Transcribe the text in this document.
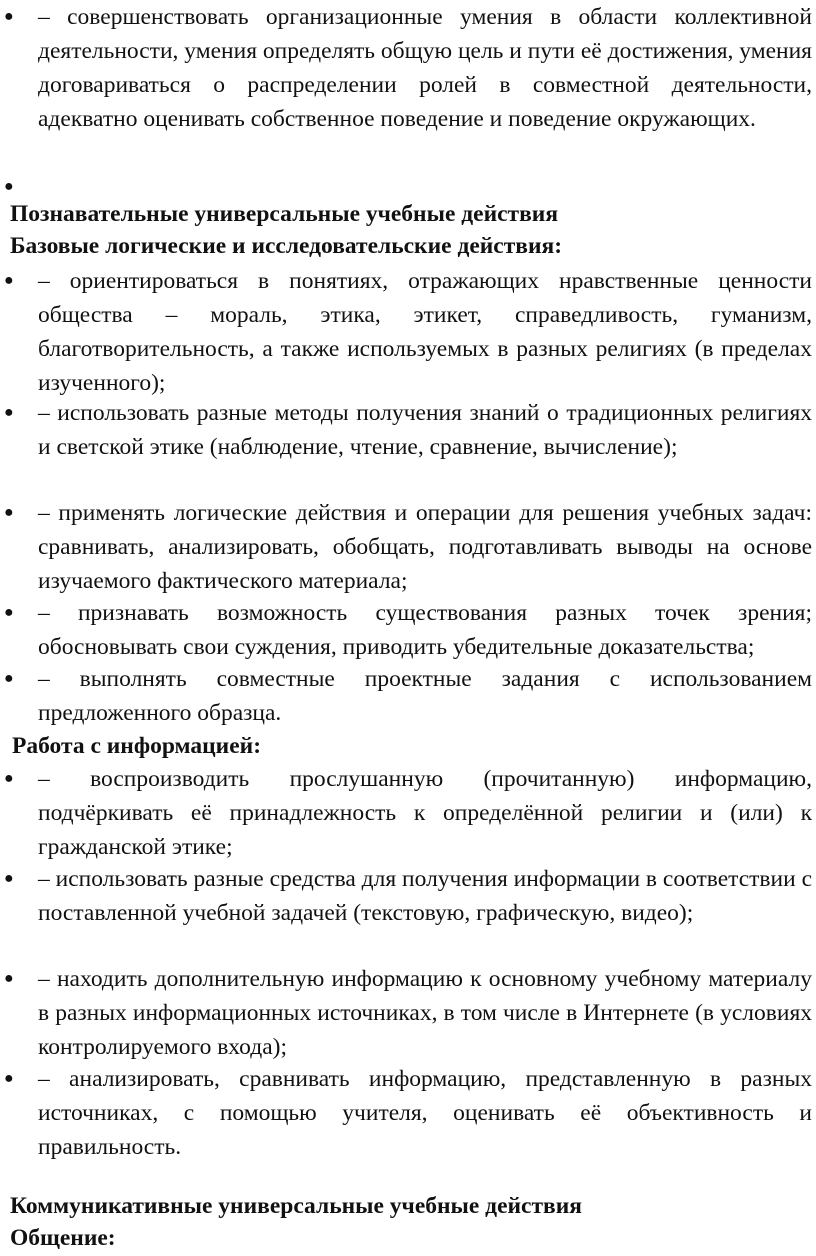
●	– совершенствовать организационные умения в области коллективной деятельности, умения определять общую цель и пути её достижения, умения договариваться о распределении ролей в совместной деятельности, адекватно оценивать собственное поведение и поведение окружающих.
●
Познавательные универсальные учебные действия
Базовые логические и исследовательские действия:
●	– ориентироваться в понятиях, отражающих нравственные ценности общества – мораль, этика, этикет, справедливость, гуманизм, благотворительность, а также используемых в разных религиях (в пределах изученного);
●	– использовать разные методы получения знаний о традиционных религиях и светской этике (наблюдение, чтение, сравнение, вычисление);
●	– применять логические действия и операции для решения учебных задач: сравнивать, анализировать, обобщать, подготавливать выводы на основе изучаемого фактического материала;
●	– признавать возможность существования разных точек зрения; обосновывать свои суждения, приводить убедительные доказательства;
●	– выполнять совместные проектные задания с использованием предложенного образца.
Работа с информацией:
●	– воспроизводить прослушанную (прочитанную) информацию, подчёркивать её принадлежность к определённой религии и (или) к гражданской этике;
●	– использовать разные средства для получения информации в соответствии с поставленной учебной задачей (текстовую, графическую, видео);
●	– находить дополнительную информацию к основному учебному материалу в разных информационных источниках, в том числе в Интернете (в условиях контролируемого входа);
●	– анализировать, сравнивать информацию, представленную в разных источниках, с помощью учителя, оценивать её объективность и правильность.
Коммуникативные универсальные учебные действия
Общение:
